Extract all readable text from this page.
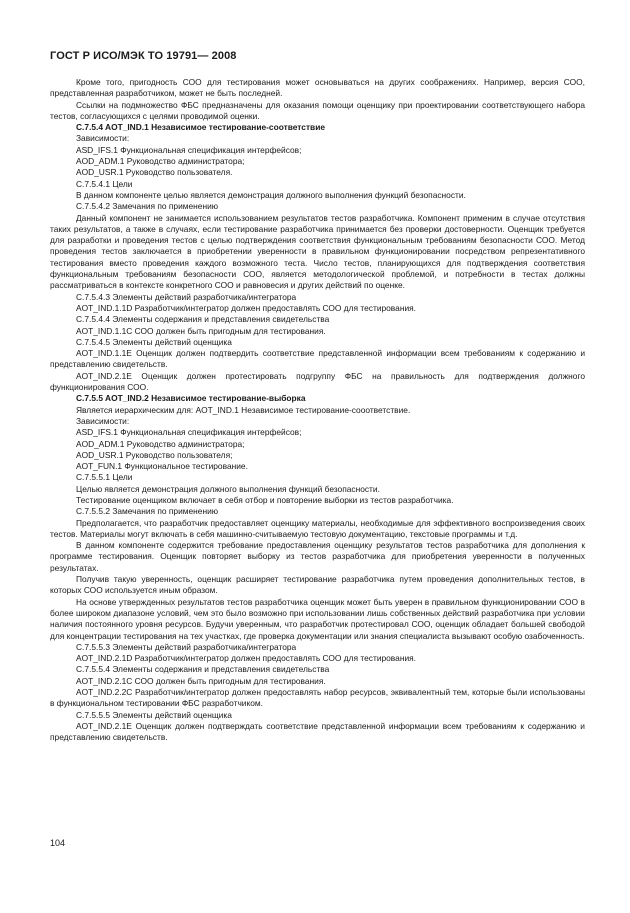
ГОСТ Р ИСО/МЭК ТО 19791— 2008
Кроме того, пригодность СОО для тестирования может основываться на других соображениях. Например, версия СОО, представленная разработчиком, может не быть последней.
Ссылки на подмножество ФБС предназначены для оказания помощи оценщику при проектировании соответствующего набора тестов, согласующихся с целями проводимой оценки.
C.7.5.4 AOT_IND.1 Независимое тестирование-соответствие
Зависимости:
ASD_IFS.1 Функциональная спецификация интерфейсов;
AOD_ADM.1 Руководство администратора;
AOD_USR.1 Руководство пользователя.
C.7.5.4.1 Цели
В данном компоненте целью является демонстрация должного выполнения функций безопасности.
C.7.5.4.2 Замечания по применению
Данный компонент не занимается использованием результатов тестов разработчика. Компонент применим в случае отсутствия таких результатов, а также в случаях, если тестирование разработчика принимается без проверки достоверности. Оценщик требуется для разработки и проведения тестов с целью подтверждения соответствия функциональным требованиям безопасности СОО. Метод проведения тестов заключается в приобретении уверенности в правильном функционировании посредством репрезентативного тестирования вместо проведения каждого возможного теста. Число тестов, планирующихся для подтверждения соответствия функциональным требованиям безопасности СОО, является методологической проблемой, и потребности в тестах должны рассматриваться в контексте конкретного СОО и равновесия и других действий по оценке.
C.7.5.4.3 Элементы действий разработчика/интегратора
AOT_IND.1.1D Разработчик/интегратор должен предоставлять СОО для тестирования.
C.7.5.4.4 Элементы содержания и представления свидетельства
AOT_IND.1.1C СОО должен быть пригодным для тестирования.
C.7.5.4.5 Элементы действий оценщика
AOT_IND.1.1E Оценщик должен подтвердить соответствие представленной информации всем требованиям к содержанию и представлению свидетельств.
AOT_IND.2.1E Оценщик должен протестировать подгруппу ФБС на правильность для подтверждения должного функционирования СОО.
C.7.5.5 AOT_IND.2 Независимое тестирование-выборка
Является иерархическим для: AOT_IND.1 Независимое тестирование-сооответствие.
Зависимости:
ASD_IFS.1 Функциональная спецификация интерфейсов;
AOD_ADM.1 Руководство администратора;
AOD_USR.1 Руководство пользователя;
AOT_FUN.1 Функциональное тестирование.
C.7.5.5.1 Цели
Целью является демонстрация должного выполнения функций безопасности.
Тестирование оценщиком включает в себя отбор и повторение выборки из тестов разработчика.
C.7.5.5.2 Замечания по применению
Предполагается, что разработчик предоставляет оценщику материалы, необходимые для эффективного воспроизведения своих тестов. Материалы могут включать в себя машинно-считываемую тестовую документацию, текстовые программы и т.д.
В данном компоненте содержится требование предоставления оценщику результатов тестов разработчика для дополнения к программе тестирования. Оценщик повторяет выборку из тестов разработчика для приобретения уверенности в полученных результатах.
Получив такую уверенность, оценщик расширяет тестирование разработчика путем проведения дополнительных тестов, в которых СОО используется иным образом.
На основе утвержденных результатов тестов разработчика оценщик может быть уверен в правильном функционировании СОО в более широком диапазоне условий, чем это было возможно при использовании лишь собственных действий разработчика при условии наличия постоянного уровня ресурсов. Будучи уверенным, что разработчик протестировал СОО, оценщик обладает большей свободой для концентрации тестирования на тех участках, где проверка документации или знания специалиста вызывают особую озабоченность.
C.7.5.5.3 Элементы действий разработчика/интегратора
AOT_IND.2.1D Разработчик/интегратор должен предоставлять СОО для тестирования.
C.7.5.5.4 Элементы содержания и представления свидетельства
AOT_IND.2.1C СОО должен быть пригодным для тестирования.
AOT_IND.2.2C Разработчик/интегратор должен предоставлять набор ресурсов, эквивалентный тем, которые были использованы в функциональном тестировании ФБС разработчиком.
C.7.5.5.5 Элементы действий оценщика
AOT_IND.2.1E Оценщик должен подтверждать соответствие представленной информации всем требованиям к содержанию и представлению свидетельств.
104
